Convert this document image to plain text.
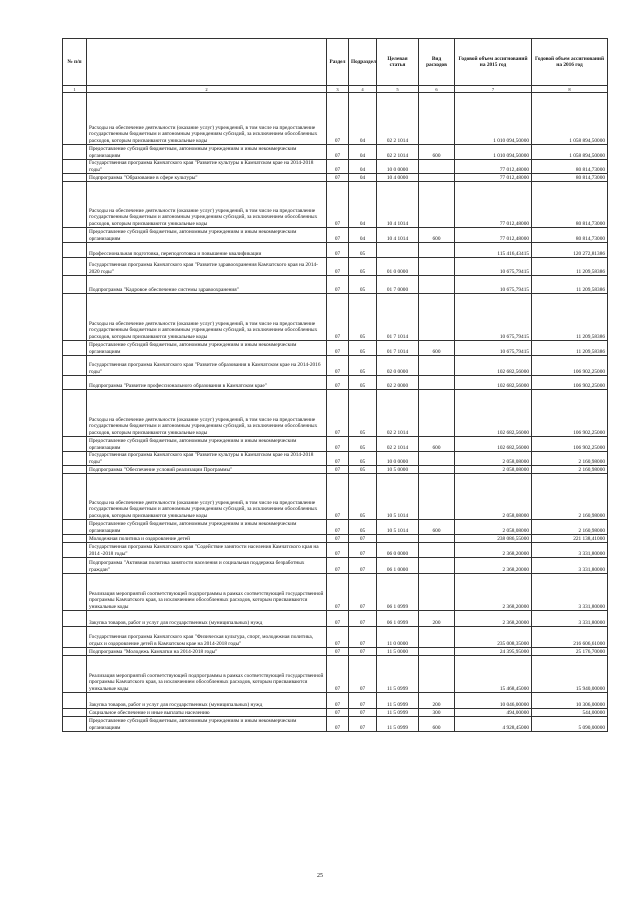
№ п/п		Раздел	Подраздел	Целевая статья	Вид расходов	Годовой объем ассигнований на 2015 год	Годовой объем ассигнований на 2016 год
1	2	3	4	5	6	7	8
	Расходы на обеспечение деятельности (оказание услуг) учреждений, в том числе на предоставление государственным бюджетным и автономным учреждениям субсидий, за исключением обособленных расходов, которым присваиваются уникальные коды	07	04	02 2 1014		1 010 094,50000	1 058 894,50000
	Предоставление субсидий бюджетным, автономным учреждениям и иным некоммерческим организациям	07	04	02 2 1014	600	1 010 094,50000	1 058 894,50000
	Государственная программа Камчатского края "Развитие культуры в Камчатском крае на 2014-2018 годы"	07	04	10 0 0000		77 012,48000	80 814,73000
	Подпрограмма "Образование в сфере культуры"	07	04	10 4 0000		77 012,48000	80 814,73000
	Расходы на обеспечение деятельности (оказание услуг) учреждений, в том числе на предоставление государственным бюджетным и автономным учреждениям субсидий, за исключением обособленных расходов, которым присваиваются уникальные коды	07	04	10 4 1014		77 012,48000	80 814,73000
	Предоставление субсидий бюджетным, автономным учреждениям и иным некоммерческим организациям	07	04	10 4 1014	600	77 012,48000	80 814,73000
	Профессиональная подготовка, переподготовка и повышение квалификации	07	05			115 416,43415	120 272,81386
	Государственная программа Камчатского края "Развитие здравоохранения Камчатского края на 2014-2020 годы"	07	05	01 0 0000		10 675,79415	11 209,58386
	Подпрограмма "Кадровое обеспечение системы здравоохранения"	07	05	01 7 0000		10 675,79415	11 209,58386
	Расходы на обеспечение деятельности (оказание услуг) учреждений, в том числе на предоставление государственным бюджетным и автономным учреждениям субсидий, за исключением обособленных расходов, которым присваиваются уникальные коды	07	05	01 7 1014		10 675,79415	11 209,58386
	Предоставление субсидий бюджетным, автономным учреждениям и иным некоммерческим организациям	07	05	01 7 1014	600	10 675,79415	11 209,58386
	Государственная программа Камчатского края "Развитие образования в Камчатском крае на 2014-2016 годы"	07	05	02 0 0000		102 682,56000	106 902,25000
	Подпрограмма "Развитие профессионального образования в Камчатском крае"	07	05	02 2 0000		102 682,56000	106 902,25000
	Расходы на обеспечение деятельности (оказание услуг) учреждений, в том числе на предоставление государственным бюджетным и автономным учреждениям субсидий, за исключением обособленных расходов, которым присваиваются уникальные коды	07	05	02 2 1014		102 682,56000	106 902,25000
	Предоставление субсидий бюджетным, автономным учреждениям и иным некоммерческим организациям	07	05	02 2 1014	600	102 682,56000	106 902,25000
	Государственная программа Камчатского края "Развитие культуры в Камчатском крае на 2014-2018 годы"	07	05	10 0 0000		2 058,08000	2 160,98000
	Подпрограмма "Обеспечение условий реализации Программы"	07	05	10 5 0000		2 058,08000	2 160,98000
	Расходы на обеспечение деятельности (оказание услуг) учреждений, в том числе на предоставление государственным бюджетным и автономным учреждениям субсидий, за исключением обособленных расходов, которым присваиваются уникальные коды	07	05	10 5 1014		2 058,08000	2 160,98000
	Предоставление субсидий бюджетным, автономным учреждениям и иным некоммерческим организациям	07	05	10 5 1014	600	2 058,08000	2 160,98000
	Молодежная политика и оздоровление детей	07	07			238 086,55000	221 138,41000
	Государственная программа Камчатского края "Содействие занятости населения Камчатского края на 2014 -2018 годы"	07	07	06 0 0000		2 368,20000	3 331,80000
	Подпрограмма "Активная политика занятости населения и социальная поддержка безработных граждан"	07	07	06 1 0000		2 368,20000	3 331,80000
	Реализация мероприятий соответствующей подпрограммы в рамках соответствующей государственной программы Камчатского края, за исключением обособленных расходов, которым присваиваются уникальные коды	07	07	06 1 0999		2 368,20000	3 331,80000
	Закупка товаров, работ и услуг для государственных (муниципальных) нужд	07	07	06 1 0999	200	2 368,20000	3 331,80000
	Государственная программа Камчатского края "Физическая культура, спорт, молодежная политика, отдых и оздоровление детей в Камчатском крае на 2014-2018 годы"	07	07	11 0 0000		235 008,35000	216 606,61000
	Подпрограмма "Молодежь Камчатки на 2014-2018 годы"	07	07	11 5 0000		24 395,95000	25 176,70000
	Реализация мероприятий соответствующей подпрограммы в рамках соответствующей государственной программы Камчатского края, за исключением обособленных расходов, которым присваиваются уникальные коды	07	07	11 5 0999		15 468,45000	15 940,00000
	Закупка товаров, работ и услуг для государственных (муниципальных) нужд	07	07	11 5 0999	200	10 046,00000	10 306,00000
	Социальное обеспечение и иные выплаты населению	07	07	11 5 0999	300	494,00000	544,00000
	Предоставление субсидий бюджетным, автономным учреждениям и иным некоммерческим организациям	07	07	11 5 0999	600	4 928,45000	5 090,00000
25
